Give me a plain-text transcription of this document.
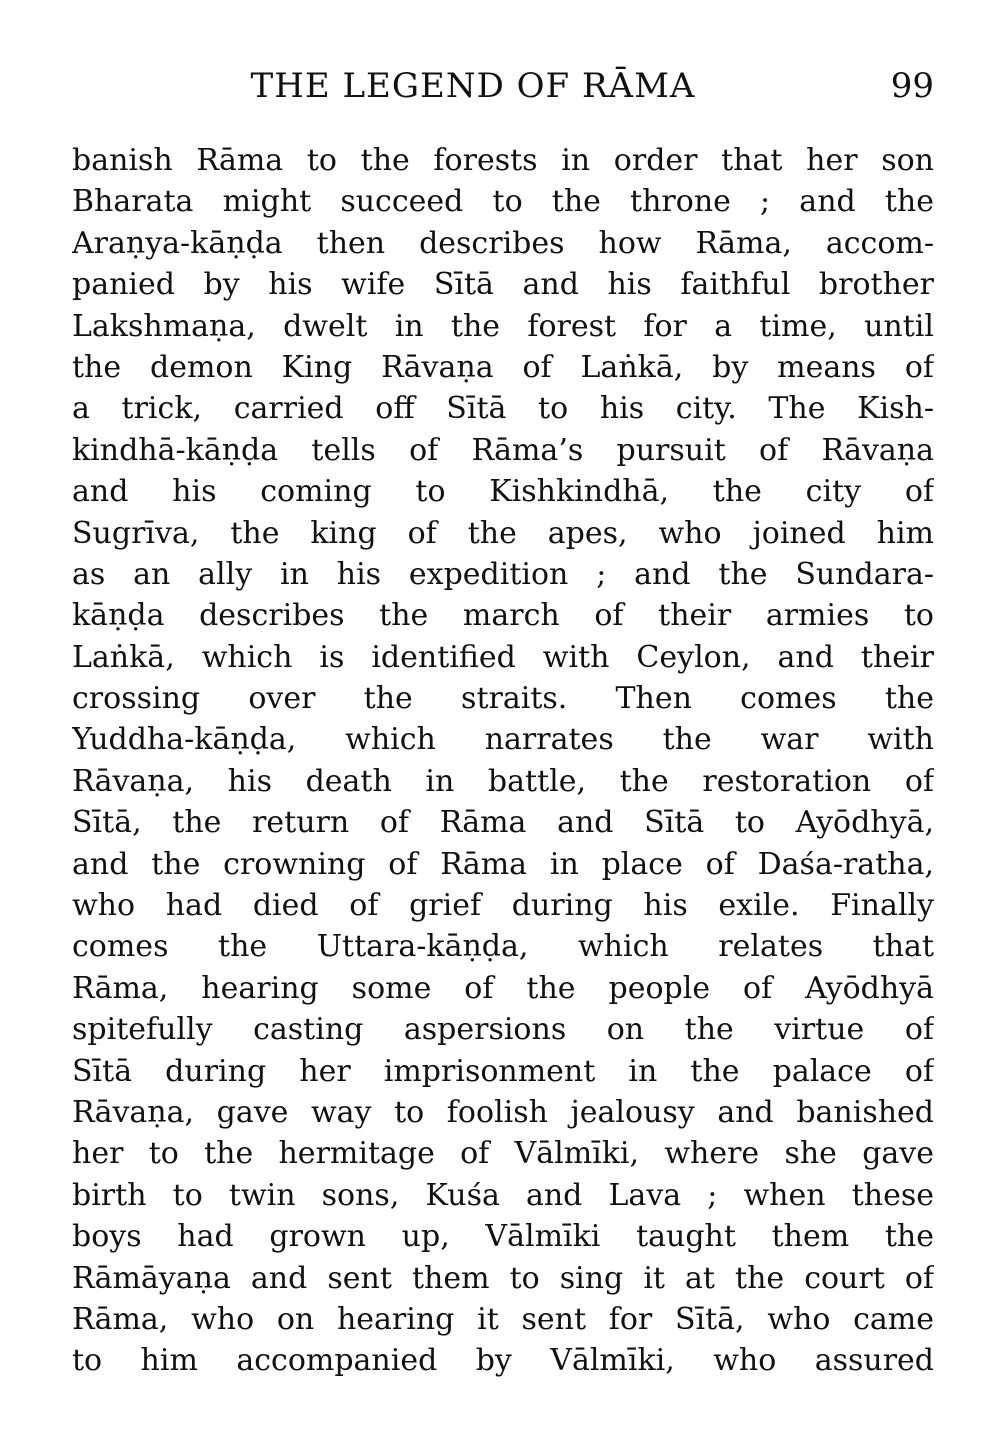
THE LEGEND OF RĀMA	99
banish Rāma to the forests in order that her son
Bharata might succeed to the throne ; and the
Araṇya-kāṇḍa then describes how Rāma, accom-
panied by his wife Sītā and his faithful brother
Lakshmaṇa, dwelt in the forest for a time, until
the demon King Rāvaṇa of Laṅkā, by means of
a trick, carried off Sītā to his city. The Kish-
kindhā-kāṇḍa tells of Rāma’s pursuit of Rāvaṇa
and his coming to Kishkindhā, the city of
Sugrīva, the king of the apes, who joined him
as an ally in his expedition ; and the Sundara-
kāṇḍa describes the march of their armies to
Laṅkā, which is identified with Ceylon, and their
crossing over the straits. Then comes the
Yuddha-kāṇḍa, which narrates the war with
Rāvaṇa, his death in battle, the restoration of
Sītā, the return of Rāma and Sītā to Ayōdhyā,
and the crowning of Rāma in place of Daśa-ratha,
who had died of grief during his exile. Finally
comes the Uttara-kāṇḍa, which relates that
Rāma, hearing some of the people of Ayōdhyā
spitefully casting aspersions on the virtue of
Sītā during her imprisonment in the palace of
Rāvaṇa, gave way to foolish jealousy and banished
her to the hermitage of Vālmīki, where she gave
birth to twin sons, Kuśa and Lava ; when these
boys had grown up, Vālmīki taught them the
Rāmāyaṇa and sent them to sing it at the court of
Rāma, who on hearing it sent for Sītā, who came
to him accompanied by Vālmīki, who assured
